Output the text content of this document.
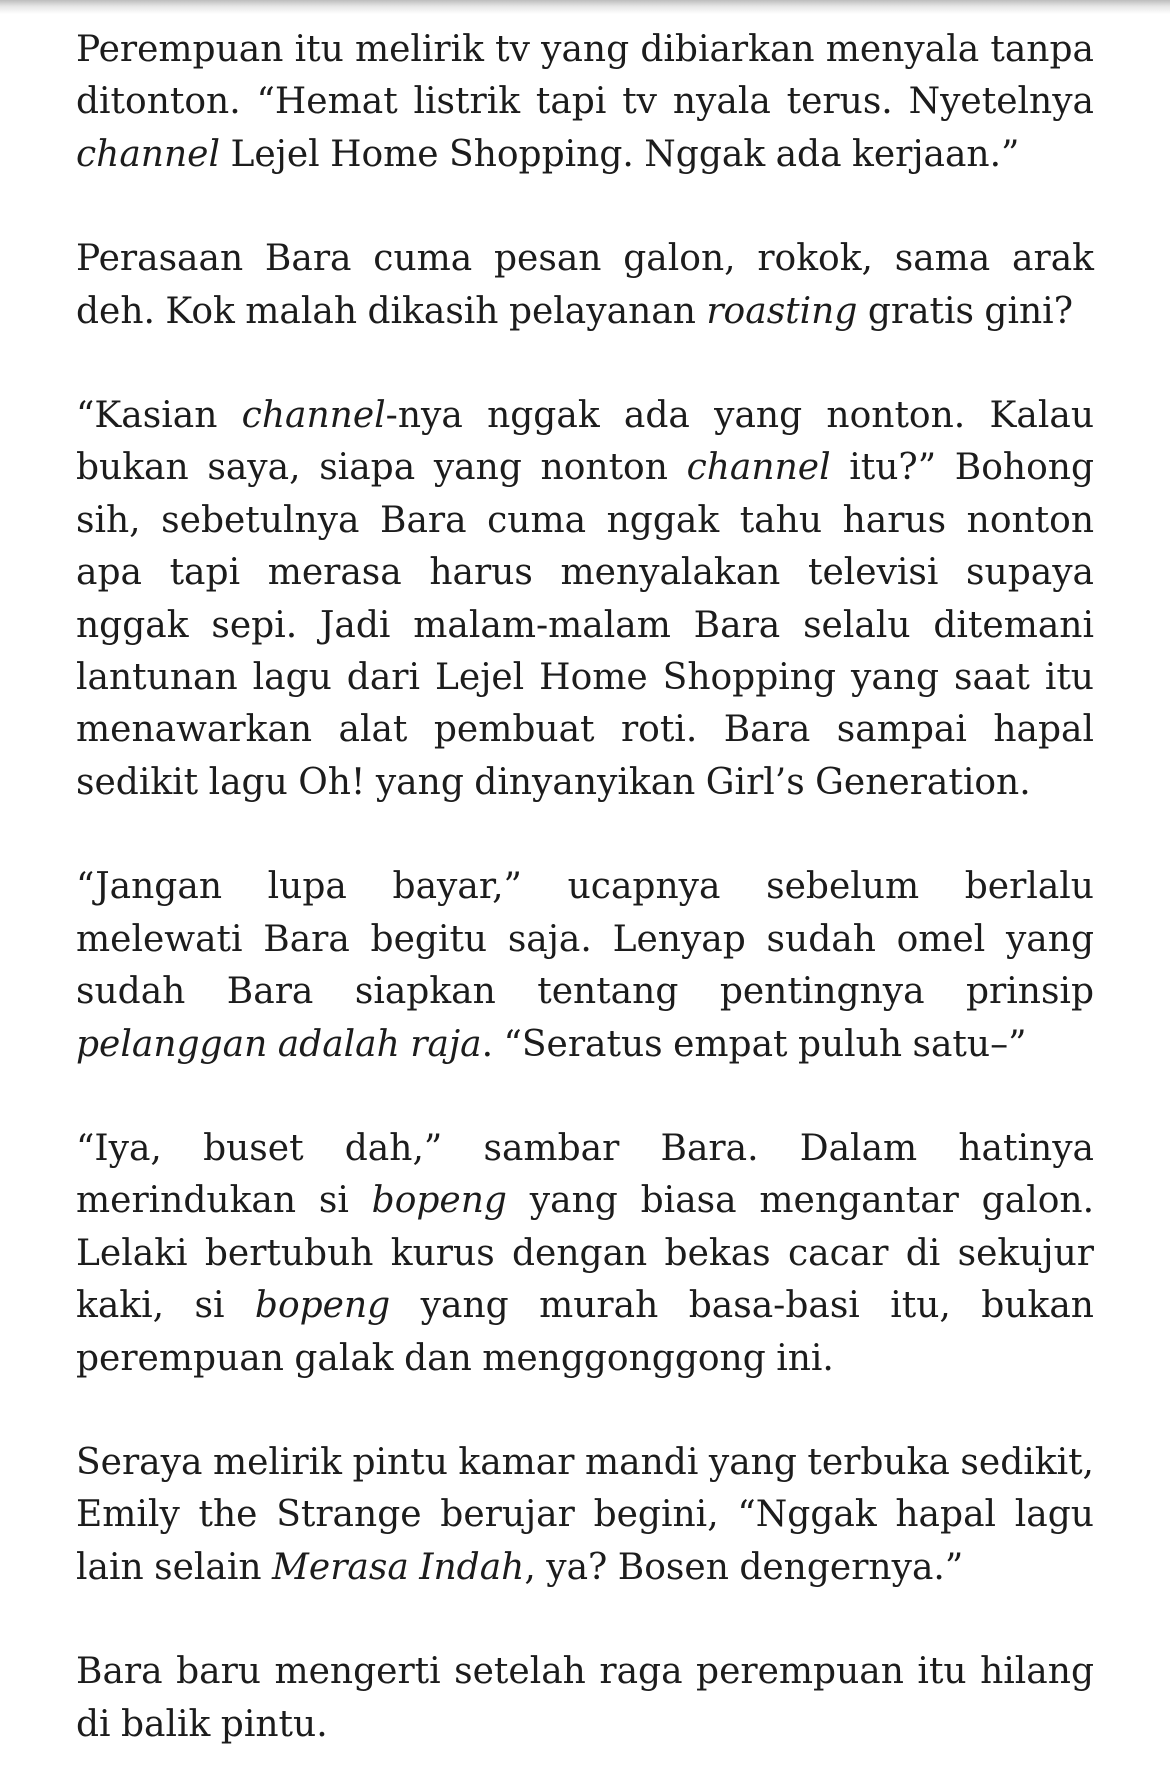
Perempuan itu melirik tv yang dibiarkan menyala tanpa ditonton. “Hemat listrik tapi tv nyala terus. Nyetelnya channel Lejel Home Shopping. Nggak ada kerjaan.”

Perasaan Bara cuma pesan galon, rokok, sama arak deh. Kok malah dikasih pelayanan roasting gratis gini?

“Kasian channel-nya nggak ada yang nonton. Kalau bukan saya, siapa yang nonton channel itu?” Bohong sih, sebetulnya Bara cuma nggak tahu harus nonton apa tapi merasa harus menyalakan televisi supaya nggak sepi. Jadi malam-malam Bara selalu ditemani lantunan lagu dari Lejel Home Shopping yang saat itu menawarkan alat pembuat roti. Bara sampai hapal sedikit lagu Oh! yang dinyanyikan Girl’s Generation.

“Jangan lupa bayar,” ucapnya sebelum berlalu melewati Bara begitu saja. Lenyap sudah omel yang sudah Bara siapkan tentang pentingnya prinsip pelanggan adalah raja. “Seratus empat puluh satu–”

“Iya, buset dah,” sambar Bara. Dalam hatinya merindukan si bopeng yang biasa mengantar galon. Lelaki bertubuh kurus dengan bekas cacar di sekujur kaki, si bopeng yang murah basa-basi itu, bukan perempuan galak dan menggonggong ini.

Seraya melirik pintu kamar mandi yang terbuka sedikit, Emily the Strange berujar begini, “Nggak hapal lagu lain selain Merasa Indah, ya? Bosen dengernya.”

Bara baru mengerti setelah raga perempuan itu hilang di balik pintu.
